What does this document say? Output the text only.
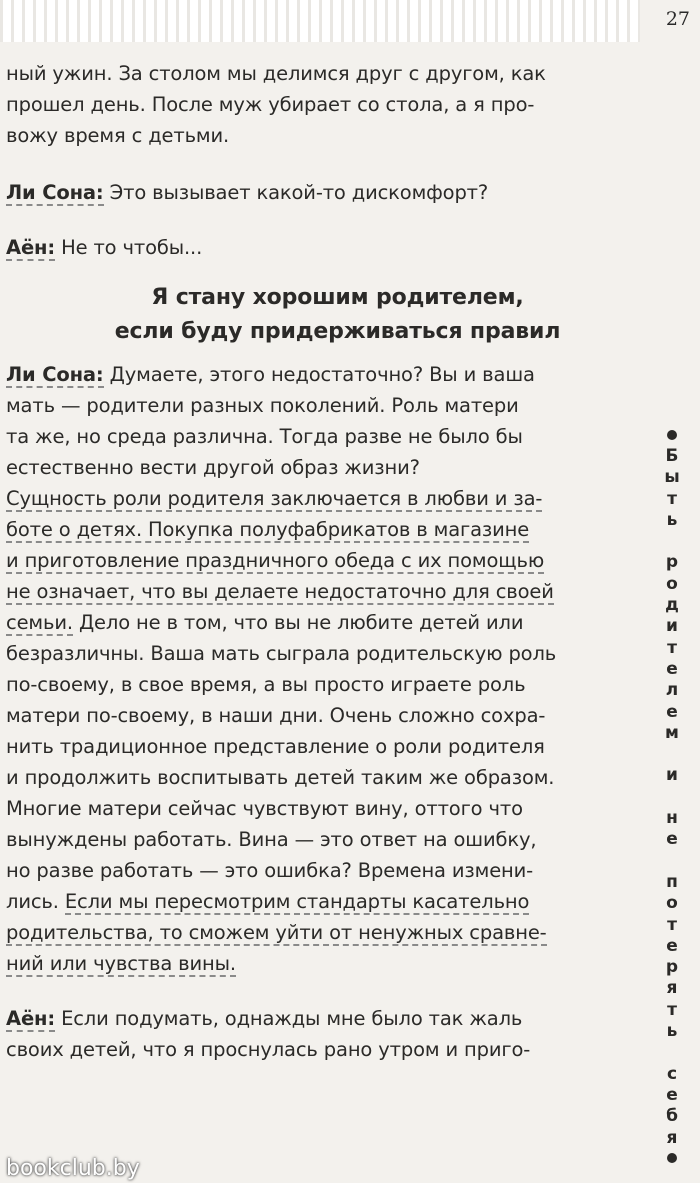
27
ный ужин. За столом мы делимся друг с другом, как
прошел день. После муж убирает со стола, а я про-
вожу время с детьми.
Ли Сона: Это вызывает какой-то дискомфорт?
Аён: Не то чтобы...
Я стану хорошим родителем,
если буду придерживаться правил
Ли Сона: Думаете, этого недостаточно? Вы и ваша
мать — родители разных поколений. Роль матери
та же, но среда различна. Тогда разве не было бы
естественно вести другой образ жизни?
Сущность роли родителя заключается в любви и за-
боте о детях. Покупка полуфабрикатов в магазине
и приготовление праздничного обеда с их помощью
не означает, что вы делаете недостаточно для своей
семьи. Дело не в том, что вы не любите детей или
безразличны. Ваша мать сыграла родительскую роль
по-своему, в свое время, а вы просто играете роль
матери по-своему, в наши дни. Очень сложно сохра-
нить традиционное представление о роли родителя
и продолжить воспитывать детей таким же образом.
Многие матери сейчас чувствуют вину, оттого что
вынуждены работать. Вина — это ответ на ошибку,
но разве работать — это ошибка? Времена измени-
лись. Если мы пересмотрим стандарты касательно
родительства, то сможем уйти от ненужных сравне-
ний или чувства вины.
Аён: Если подумать, однажды мне было так жаль
своих детей, что я проснулась рано утром и приго-
Б
ы
т
ь
р
о
д
и
т
е
л
е
м
и
н
е
п
о
т
е
р
я
т
ь
с
е
б
я
bookclub.by
